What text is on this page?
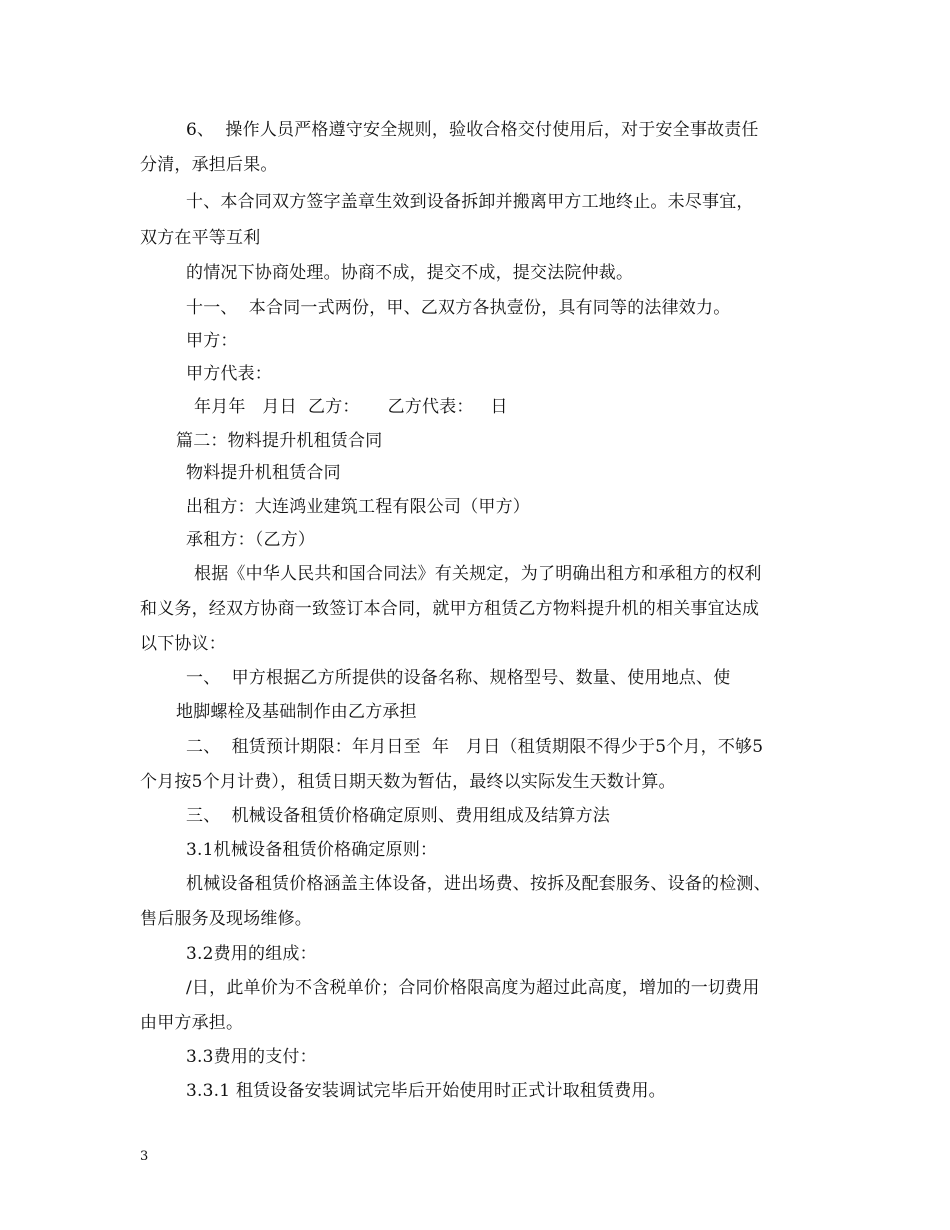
6、  操作人员严格遵守安全规则，验收合格交付使用后，对于安全事故责任
分清，承担后果。
十、本合同双方签字盖章生效到设备拆卸并搬离甲方工地终止。未尽事宜，
双方在平等互利
的情况下协商处理。协商不成，提交不成，提交法院仲裁。
十一、  本合同一式两份，甲、乙双方各执壹份，具有同等的法律效力。
甲方：
甲方代表：
年月年   月日  乙方：     乙方代表：   日
篇二：物料提升机租赁合同
物料提升机租赁合同
出租方：大连鸿业建筑工程有限公司（甲方）
承租方：（乙方）
根据《中华人民共和国合同法》有关规定，为了明确出租方和承租方的权利
和义务，经双方协商一致签订本合同，就甲方租赁乙方物料提升机的相关事宜达成
以下协议：
一、  甲方根据乙方所提供的设备名称、规格型号、数量、使用地点、使
地脚螺栓及基础制作由乙方承担
二、  租赁预计期限：年月日至  年   月日（租赁期限不得少于5个月，不够5
个月按5个月计费），租赁日期天数为暂估，最终以实际发生天数计算。
三、  机械设备租赁价格确定原则、费用组成及结算方法
3.1机械设备租赁价格确定原则：
机械设备租赁价格涵盖主体设备，进出场费、按拆及配套服务、设备的检测、
售后服务及现场维修。
3.2费用的组成：
/日，此单价为不含税单价；合同价格限高度为超过此高度，增加的一切费用
由甲方承担。
3.3费用的支付：
3.3.1 租赁设备安装调试完毕后开始使用时正式计取租赁费用。
3
